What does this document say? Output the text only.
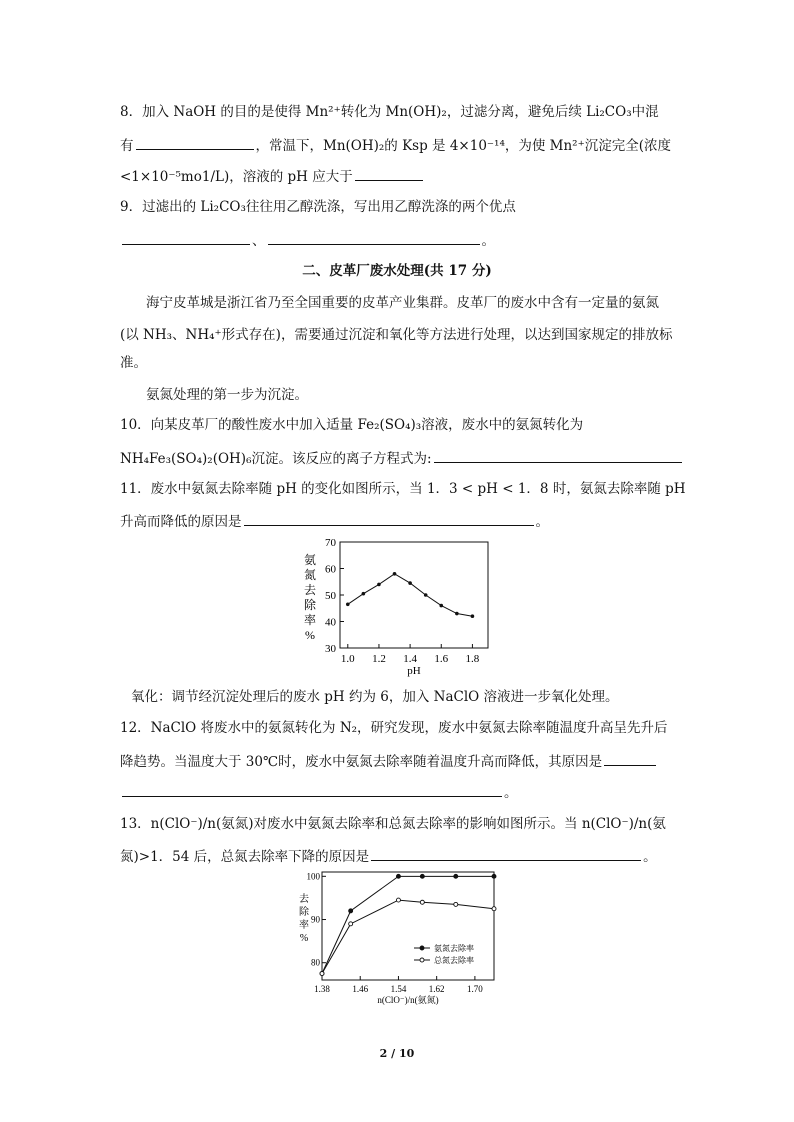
8．加入 NaOH 的目的是使得 Mn²⁺转化为 Mn(OH)₂，过滤分离，避免后续 Li₂CO₃中混
有	，常温下，Mn(OH)₂的 Ksp 是 4×10⁻¹⁴，为使 Mn²⁺沉淀完全(浓度
<1×10⁻⁵mo1/L)，溶液的 pH 应大于
9．过滤出的 Li₂CO₃往往用乙醇洗涤，写出用乙醇洗涤的两个优点
、	。
二、皮革厂废水处理(共 17 分)
海宁皮革城是浙江省乃至全国重要的皮革产业集群。皮革厂的废水中含有一定量的氨氮
(以 NH₃、NH₄⁺形式存在)，需要通过沉淀和氧化等方法进行处理，以达到国家规定的排放标
准。
氨氮处理的第一步为沉淀。
10．向某皮革厂的酸性废水中加入适量 Fe₂(SO₄)₃溶液，废水中的氨氮转化为
NH₄Fe₃(SO₄)₂(OH)₆沉淀。该反应的离子方程式为:
11．废水中氨氮去除率随 pH 的变化如图所示，当 1．3 < pH < 1．8 时，氨氮去除率随 pH
升高而降低的原因是	。
30
40
50
60
70
1.0 1.2 1.4 1.6 1.8
pH
氨
氮
去
除
率
%
氧化：调节经沉淀处理后的废水 pH 约为 6，加入 NaClO 溶液进一步氧化处理。
12．NaClO 将废水中的氨氮转化为 N₂，研究发现，废水中氨氮去除率随温度升高呈先升后
降趋势。当温度大于 30℃时，废水中氨氮去除率随着温度升高而降低，其原因是
。
13．n(ClO⁻)/n(氨氮)对废水中氨氮去除率和总氮去除率的影响如图所示。当 n(ClO⁻)/n(氨
氮)>1．54 后，总氮去除率下降的原因是	。
80
90
100
1.38 1.46 1.54 1.62 1.70
n(ClO⁻)/n(氨氮)
去
除
率
%
氨氮去除率
总氮去除率
2 / 10
